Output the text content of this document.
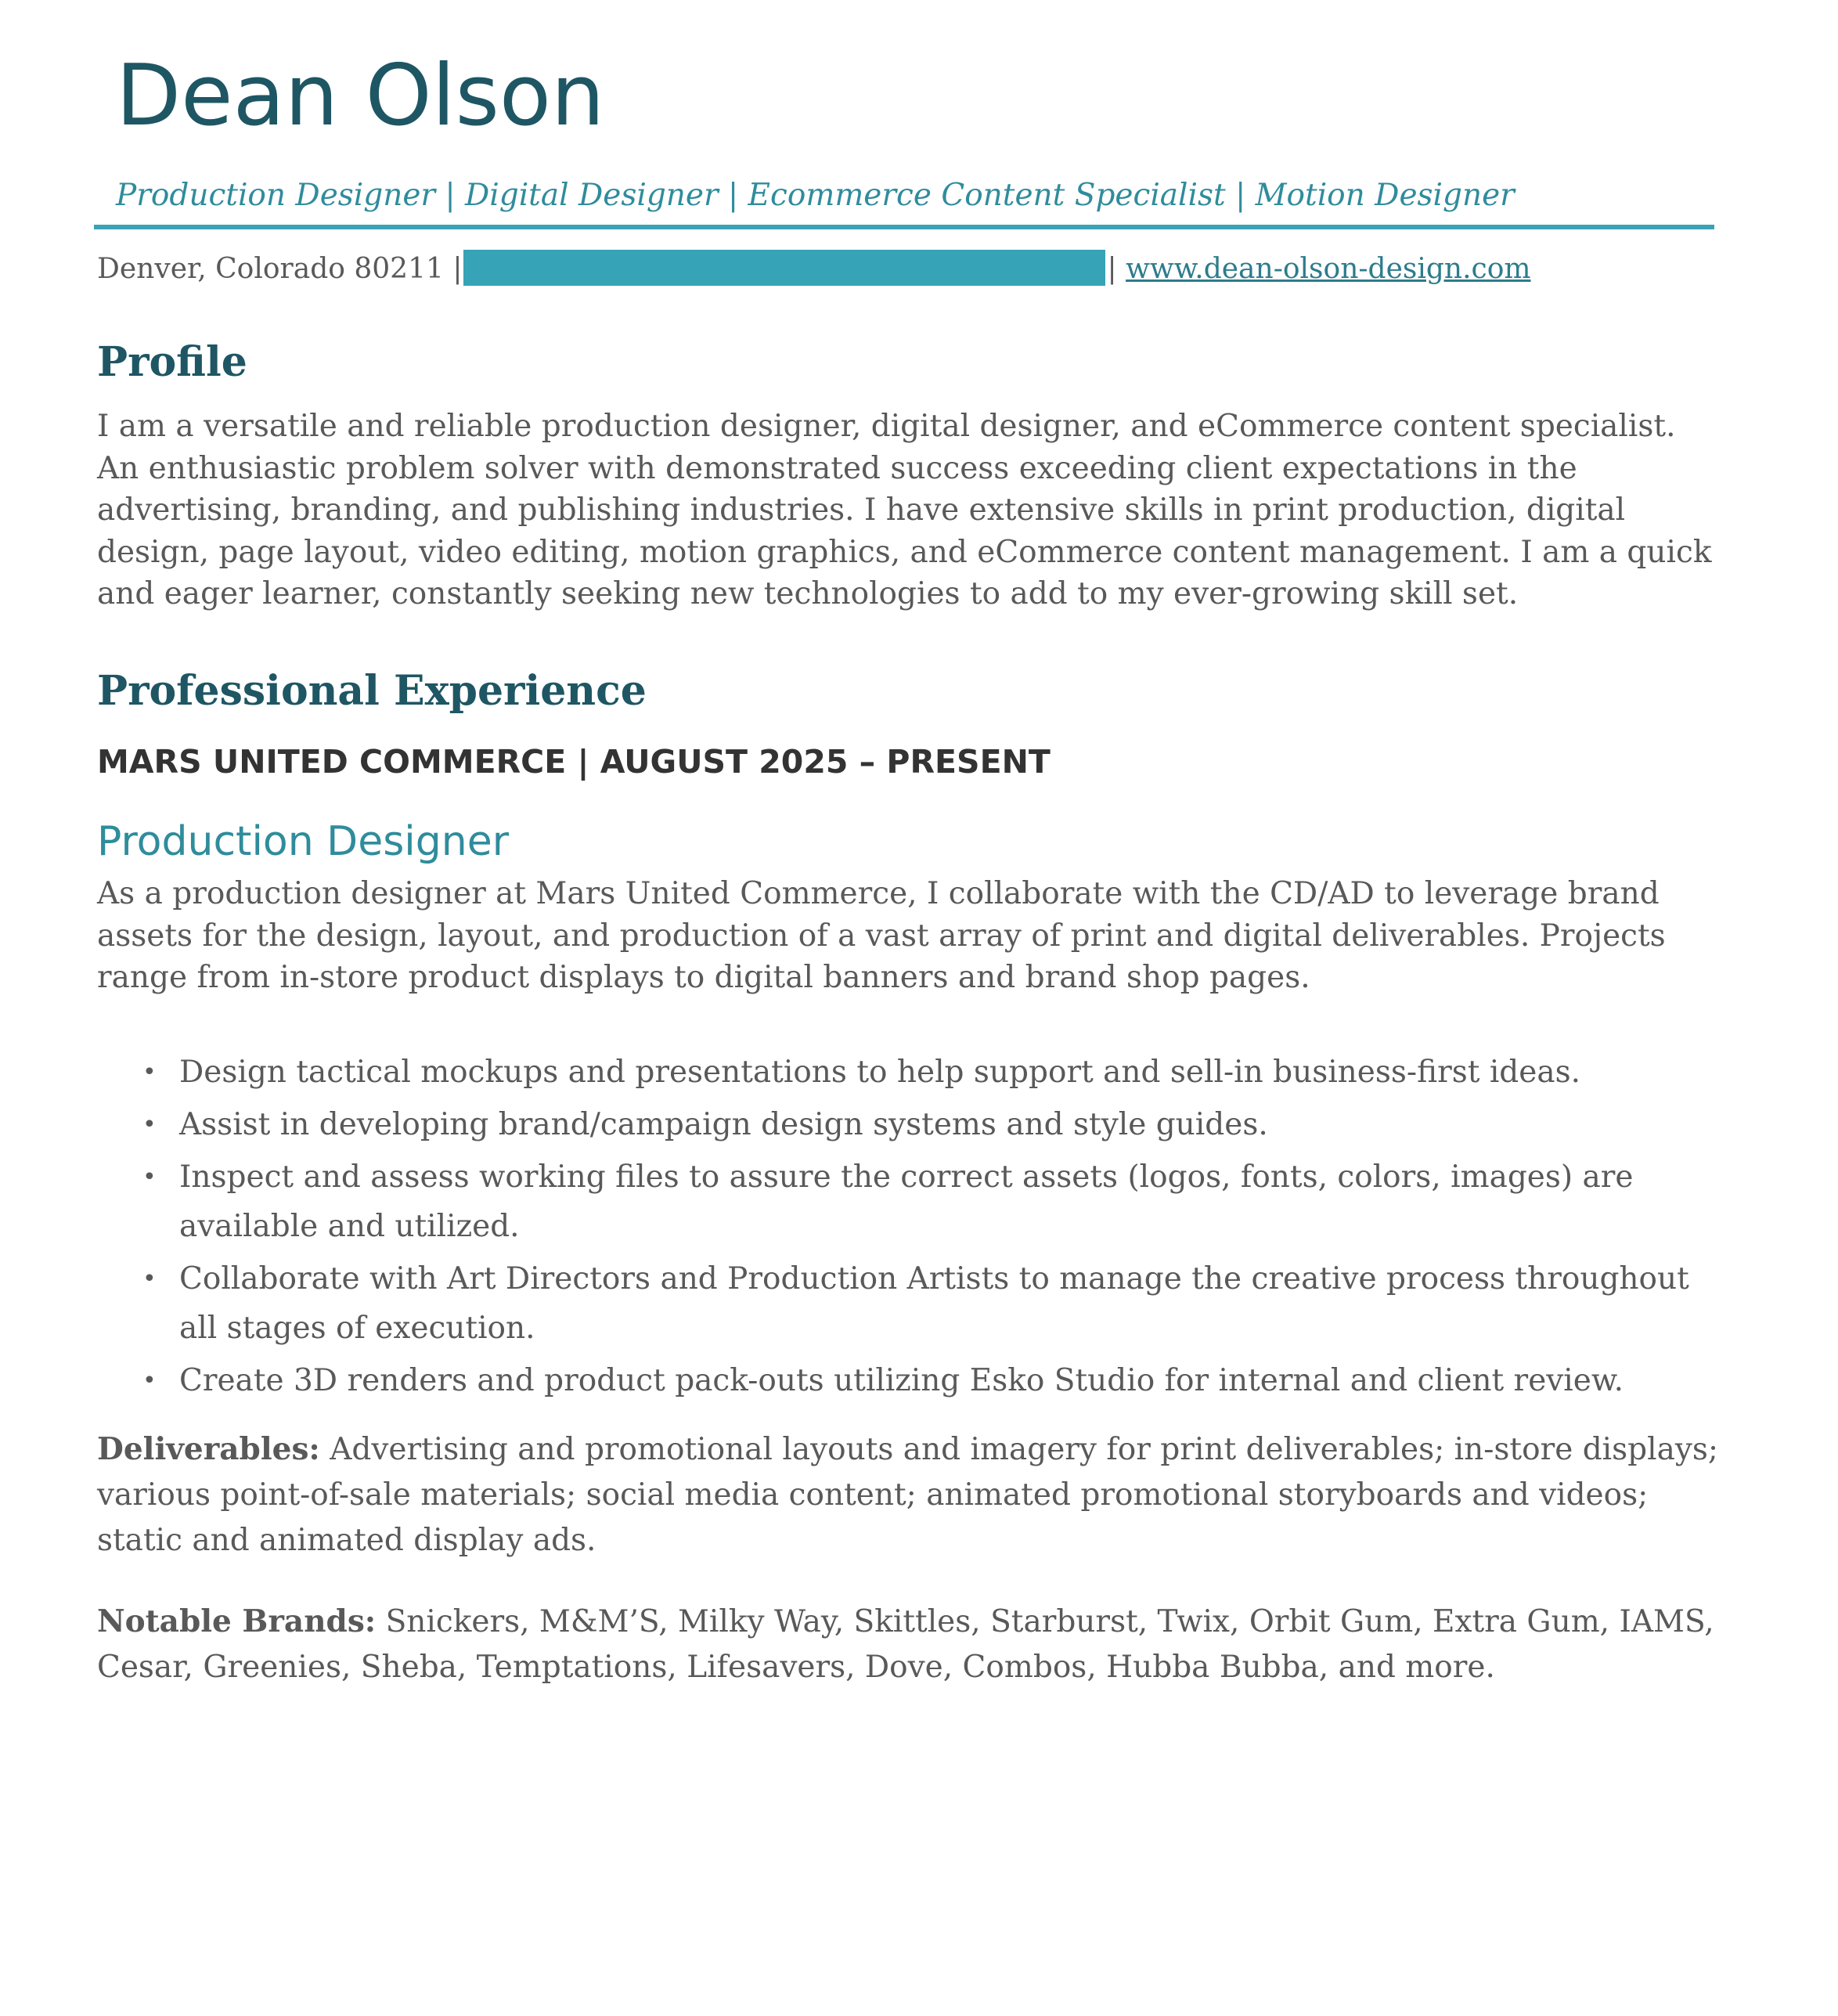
Dean Olson
Production Designer | Digital Designer | Ecommerce Content Specialist | Motion Designer
Denver, Colorado 80211 |	| www.dean-olson-design.com
Profile

I am a versatile and reliable production designer, digital designer, and eCommerce content specialist. An enthusiastic problem solver with demonstrated success exceeding client expectations in the advertising, branding, and publishing industries. I have extensive skills in print production, digital design, page layout, video editing, motion graphics, and eCommerce content management. I am a quick and eager learner, constantly seeking new technologies to add to my ever-growing skill set.

Professional Experience
MARS UNITED COMMERCE | AUGUST 2025 – PRESENT
Production Designer

As a production designer at Mars United Commerce, I collaborate with the CD/AD to leverage brand assets for the design, layout, and production of a vast array of print and digital deliverables. Projects range from in-store product displays to digital banners and brand shop pages.

• Design tactical mockups and presentations to help support and sell-in business-first ideas.
• Assist in developing brand/campaign design systems and style guides.
• Inspect and assess working files to assure the correct assets (logos, fonts, colors, images) are available and utilized.
• Collaborate with Art Directors and Production Artists to manage the creative process throughout all stages of execution.
• Create 3D renders and product pack-outs utilizing Esko Studio for internal and client review.

Deliverables: Advertising and promotional layouts and imagery for print deliverables; in-store displays; various point-of-sale materials; social media content; animated promotional storyboards and videos; static and animated display ads.

Notable Brands: Snickers, M&M’S, Milky Way, Skittles, Starburst, Twix, Orbit Gum, Extra Gum, IAMS, Cesar, Greenies, Sheba, Temptations, Lifesavers, Dove, Combos, Hubba Bubba, and more.
